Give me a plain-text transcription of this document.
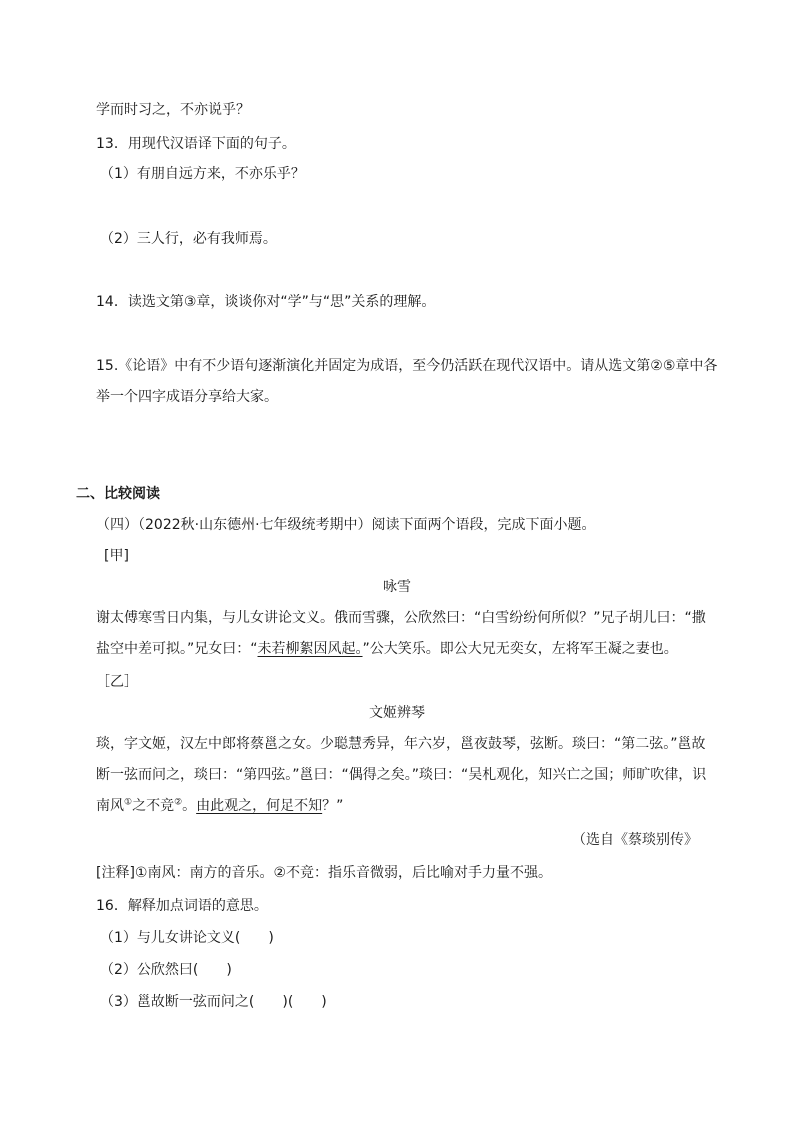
学而时习之，不亦说乎？
13．用现代汉语译下面的句子。
（1）有朋自远方来，不亦乐乎？
（2）三人行，必有我师焉。
14．读选文第③章，谈谈你对“学”与“思”关系的理解。
15.《论语》中有不少语句逐渐演化并固定为成语，至今仍活跃在现代汉语中。请从选文第②⑤章中各
举一个四字成语分享给大家。
二、比较阅读
（四）（2022秋·山东德州·七年级统考期中）阅读下面两个语段，完成下面小题。
[甲]
咏雪
谢太傅寒雪日内集，与儿女讲论文义。俄而雪骤，公欣然曰：“白雪纷纷何所似？”兄子胡儿曰：“撒
盐空中差可拟。”兄女曰：“未若柳絮因风起。”公大笑乐。即公大兄无奕女，左将军王凝之妻也。
［乙］
文姬辨琴
琰，字文姬，汉左中郎将蔡邕之女。少聪慧秀异，年六岁，邕夜鼓琴，弦断。琰曰：“第二弦。”邕故
断一弦而问之，琰曰：“第四弦。”邕曰：“偶得之矣。”琰曰：“吴札观化，知兴亡之国；师旷吹律，识
南风①之不竞②。由此观之，何足不知？”
（选自《蔡琰别传》
[注释]①南风：南方的音乐。②不竞：指乐音微弱，后比喻对手力量不强。
16．解释加点词语的意思。
（1）与儿女讲论文义(　　)
（2）公欣然曰(　　)
（3）邕故断一弦而问之(　　)(　　)
